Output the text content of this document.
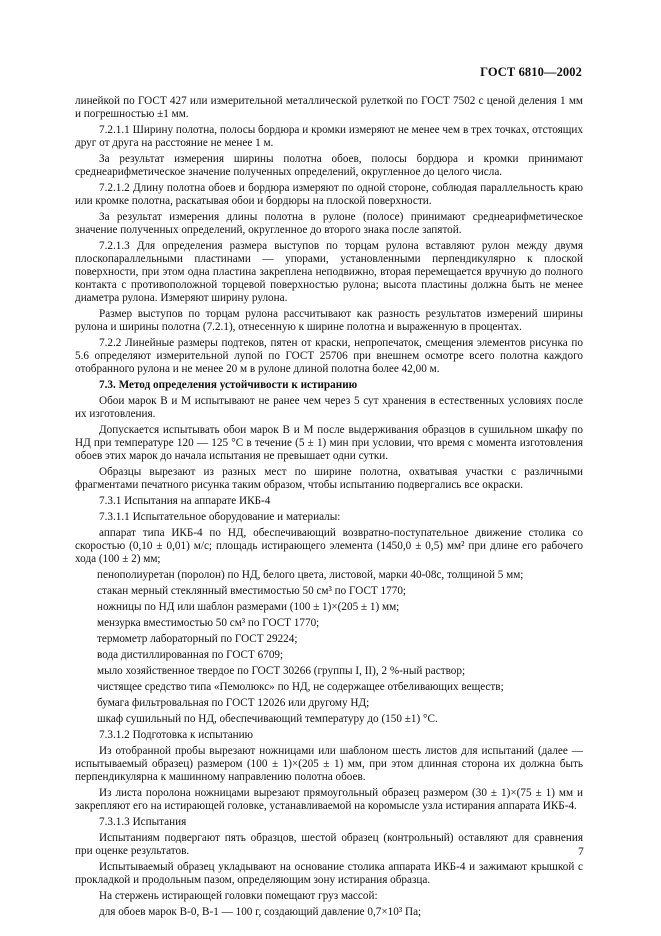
ГОСТ 6810—2002

линейкой по ГОСТ 427 или измерительной металлической рулеткой по ГОСТ 7502 с ценой деления 1 мм и погрешностью ±1 мм.

7.2.1.1 Ширину полотна, полосы бордюра и кромки измеряют не менее чем в трех точках, отстоящих друг от друга на расстояние не менее 1 м.

За результат измерения ширины полотна обоев, полосы бордюра и кромки принимают среднеарифметическое значение полученных определений, округленное до целого числа.

7.2.1.2 Длину полотна обоев и бордюра измеряют по одной стороне, соблюдая параллельность краю или кромке полотна, раскатывая обои и бордюры на плоской поверхности.

За результат измерения длины полотна в рулоне (полосе) принимают среднеарифметическое значение полученных определений, округленное до второго знака после запятой.

7.2.1.3 Для определения размера выступов по торцам рулона вставляют рулон между двумя плоскопараллельными пластинами — упорами, установленными перпендикулярно к плоской поверхности, при этом одна пластина закреплена неподвижно, вторая перемещается вручную до полного контакта с противоположной торцевой поверхностью рулона; высота пластины должна быть не менее диаметра рулона. Измеряют ширину рулона.

Размер выступов по торцам рулона рассчитывают как разность результатов измерений ширины рулона и ширины полотна (7.2.1), отнесенную к ширине полотна и выраженную в процентах.

7.2.2 Линейные размеры подтеков, пятен от краски, непропечаток, смещения элементов рисунка по 5.6 определяют измерительной лупой по ГОСТ 25706 при внешнем осмотре всего полотна каждого отобранного рулона и не менее 20 м в рулоне длиной полотна более 42,00 м.

7.3. Метод определения устойчивости к истиранию

Обои марок В и М испытывают не ранее чем через 5 сут хранения в естественных условиях после их изготовления.

Допускается испытывать обои марок В и М после выдерживания образцов в сушильном шкафу по НД при температуре 120 — 125 °С в течение (5 ± 1) мин при условии, что время с момента изготовления обоев этих марок до начала испытания не превышает одни сутки.

Образцы вырезают из разных мест по ширине полотна, охватывая участки с различными фрагментами печатного рисунка таким образом, чтобы испытанию подвергались все окраски.

7.3.1 Испытания на аппарате ИКБ-4

7.3.1.1 Испытательное оборудование и материалы:

аппарат типа ИКБ-4 по НД, обеспечивающий возвратно-поступательное движение столика со скоростью (0,10 ± 0,01) м/с; площадь истирающего элемента (1450,0 ± 0,5) мм² при длине его рабочего хода (100 ± 2) мм;

пенополиуретан (поролон) по НД, белого цвета, листовой, марки 40-08с, толщиной 5 мм;

стакан мерный стеклянный вместимостью 50 см³ по ГОСТ 1770;

ножницы по НД или шаблон размерами (100 ± 1)×(205 ± 1) мм;

мензурка вместимостью 50 см³ по ГОСТ 1770;

термометр лабораторный по ГОСТ 29224;

вода дистиллированная по ГОСТ 6709;

мыло хозяйственное твердое по ГОСТ 30266 (группы I, II), 2 %-ный раствор;

чистящее средство типа «Пемолюкс» по НД, не содержащее отбеливающих веществ;

бумага фильтровальная по ГОСТ 12026 или другому НД;

шкаф сушильный по НД, обеспечивающий температуру до (150 ±1) °С.

7.3.1.2 Подготовка к испытанию

Из отобранной пробы вырезают ножницами или шаблоном шесть листов для испытаний (далее — испытываемый образец) размером (100 ± 1)×(205 ± 1) мм, при этом длинная сторона их должна быть перпендикулярна к машинному направлению полотна обоев.

Из листа поролона ножницами вырезают прямоугольный образец размером (30 ± 1)×(75 ± 1) мм и закрепляют его на истирающей головке, устанавливаемой на коромысле узла истирания аппарата ИКБ-4.

7.3.1.3 Испытания

Испытаниям подвергают пять образцов, шестой образец (контрольный) оставляют для сравнения при оценке результатов.

Испытываемый образец укладывают на основание столика аппарата ИКБ-4 и зажимают крышкой с прокладкой и продольным пазом, определяющим зону истирания образца.

На стержень истирающей головки помещают груз массой:

для обоев марок В-0, В-1 — 100 г, создающий давление 0,7×10³ Па;

7
